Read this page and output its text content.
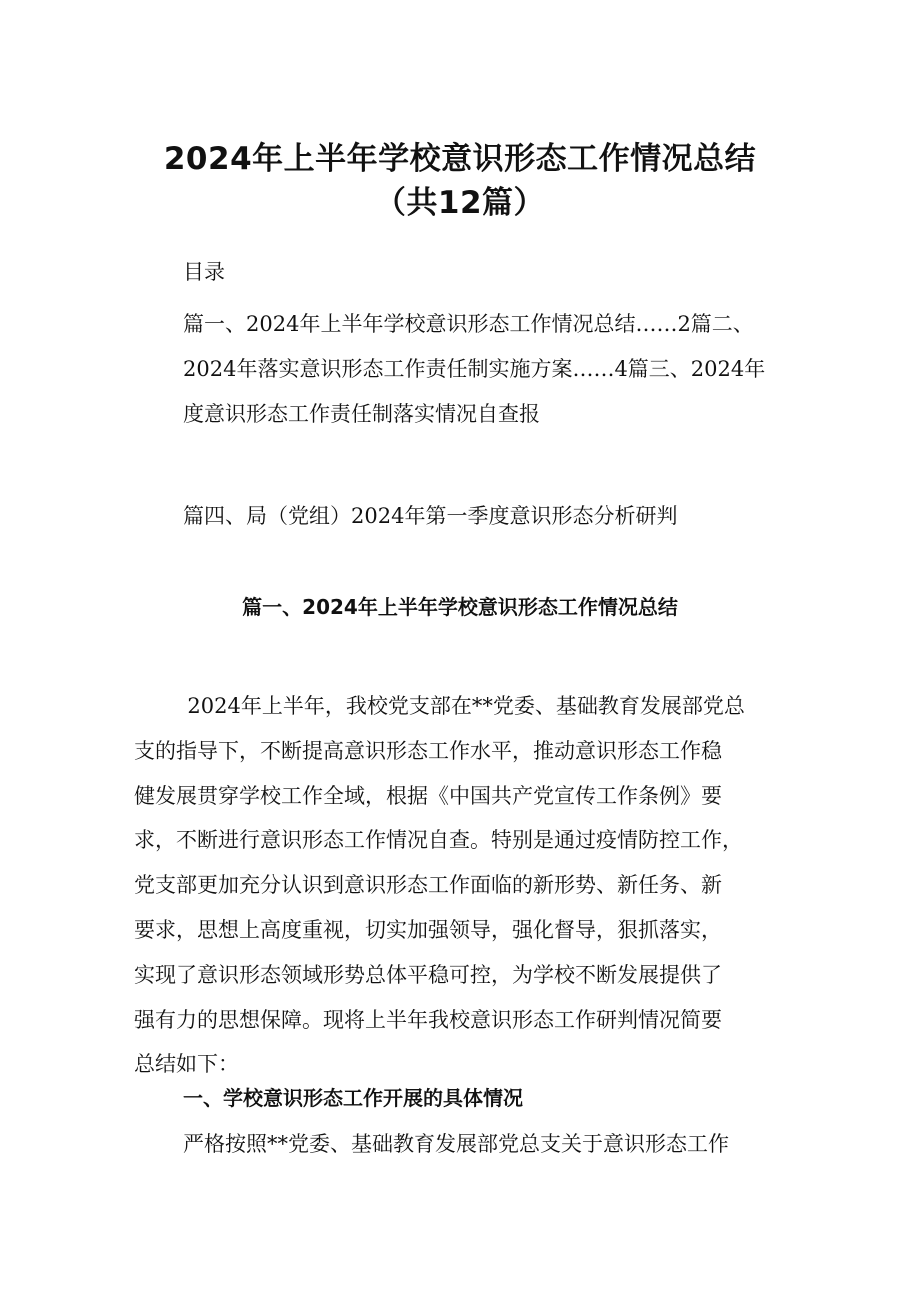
2024年上半年学校意识形态工作情况总结
（共12篇）
目录
篇一、2024年上半年学校意识形态工作情况总结……2篇二、
2024年落实意识形态工作责任制实施方案……4篇三、2024年
度意识形态工作责任制落实情况自查报
篇四、局（党组）2024年第一季度意识形态分析研判
篇一、2024年上半年学校意识形态工作情况总结
2024年上半年，我校党支部在**党委、基础教育发展部党总
支的指导下，不断提高意识形态工作水平，推动意识形态工作稳
健发展贯穿学校工作全域，根据《中国共产党宣传工作条例》要
求，不断进行意识形态工作情况自查。特别是通过疫情防控工作，
党支部更加充分认识到意识形态工作面临的新形势、新任务、新
要求，思想上高度重视，切实加强领导，强化督导，狠抓落实，
实现了意识形态领域形势总体平稳可控，为学校不断发展提供了
强有力的思想保障。现将上半年我校意识形态工作研判情况简要
总结如下：
一、学校意识形态工作开展的具体情况
严格按照**党委、基础教育发展部党总支关于意识形态工作
